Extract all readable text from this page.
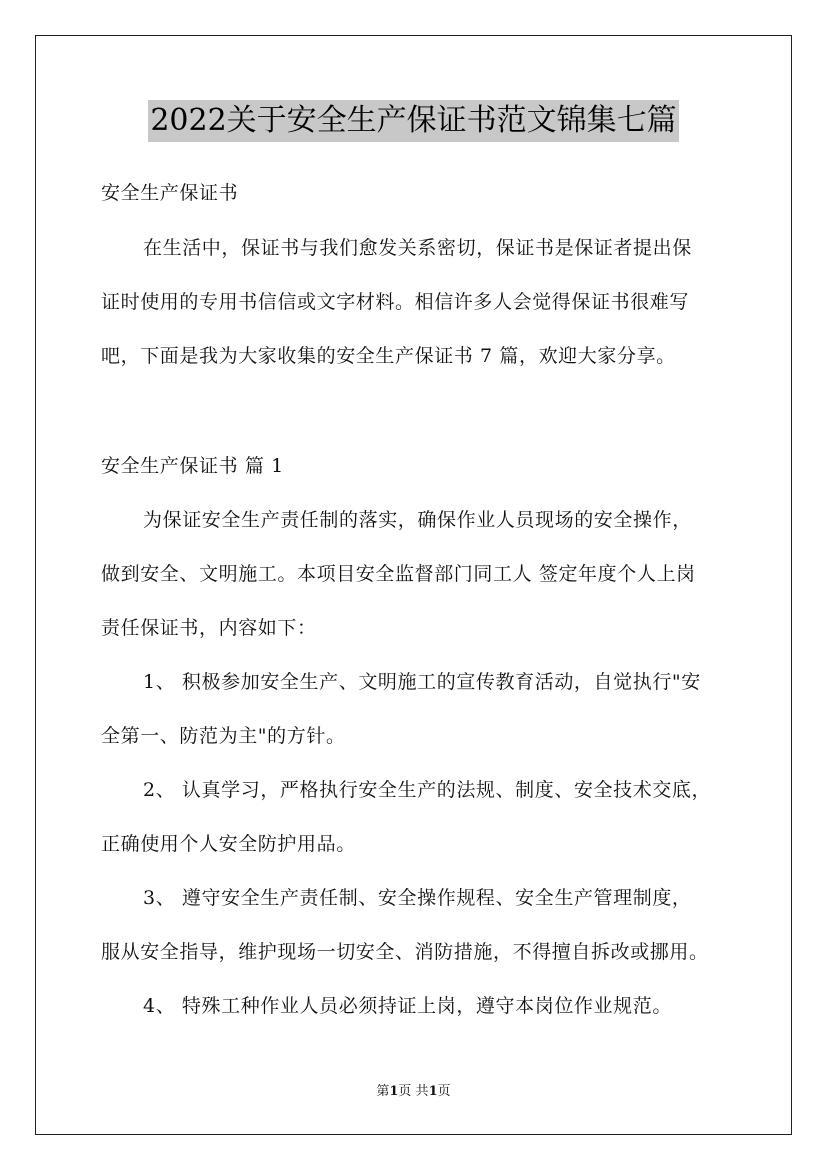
2022关于安全生产保证书范文锦集七篇
安全生产保证书
在生活中，保证书与我们愈发关系密切，保证书是保证者提出保
证时使用的专用书信信或文字材料。相信许多人会觉得保证书很难写
吧，下面是我为大家收集的安全生产保证书 7 篇，欢迎大家分享。
安全生产保证书 篇 1
为保证安全生产责任制的落实，确保作业人员现场的安全操作，
做到安全、文明施工。本项目安全监督部门同工人 签定年度个人上岗
责任保证书，内容如下：
1、 积极参加安全生产、文明施工的宣传教育活动，自觉执行"安
全第一、防范为主"的方针。
2、 认真学习，严格执行安全生产的法规、制度、安全技术交底，
正确使用个人安全防护用品。
3、 遵守安全生产责任制、安全操作规程、安全生产管理制度，
服从安全指导，维护现场一切安全、消防措施，不得擅自拆改或挪用。
4、 特殊工种作业人员必须持证上岗，遵守本岗位作业规范。
第1页 共1页
